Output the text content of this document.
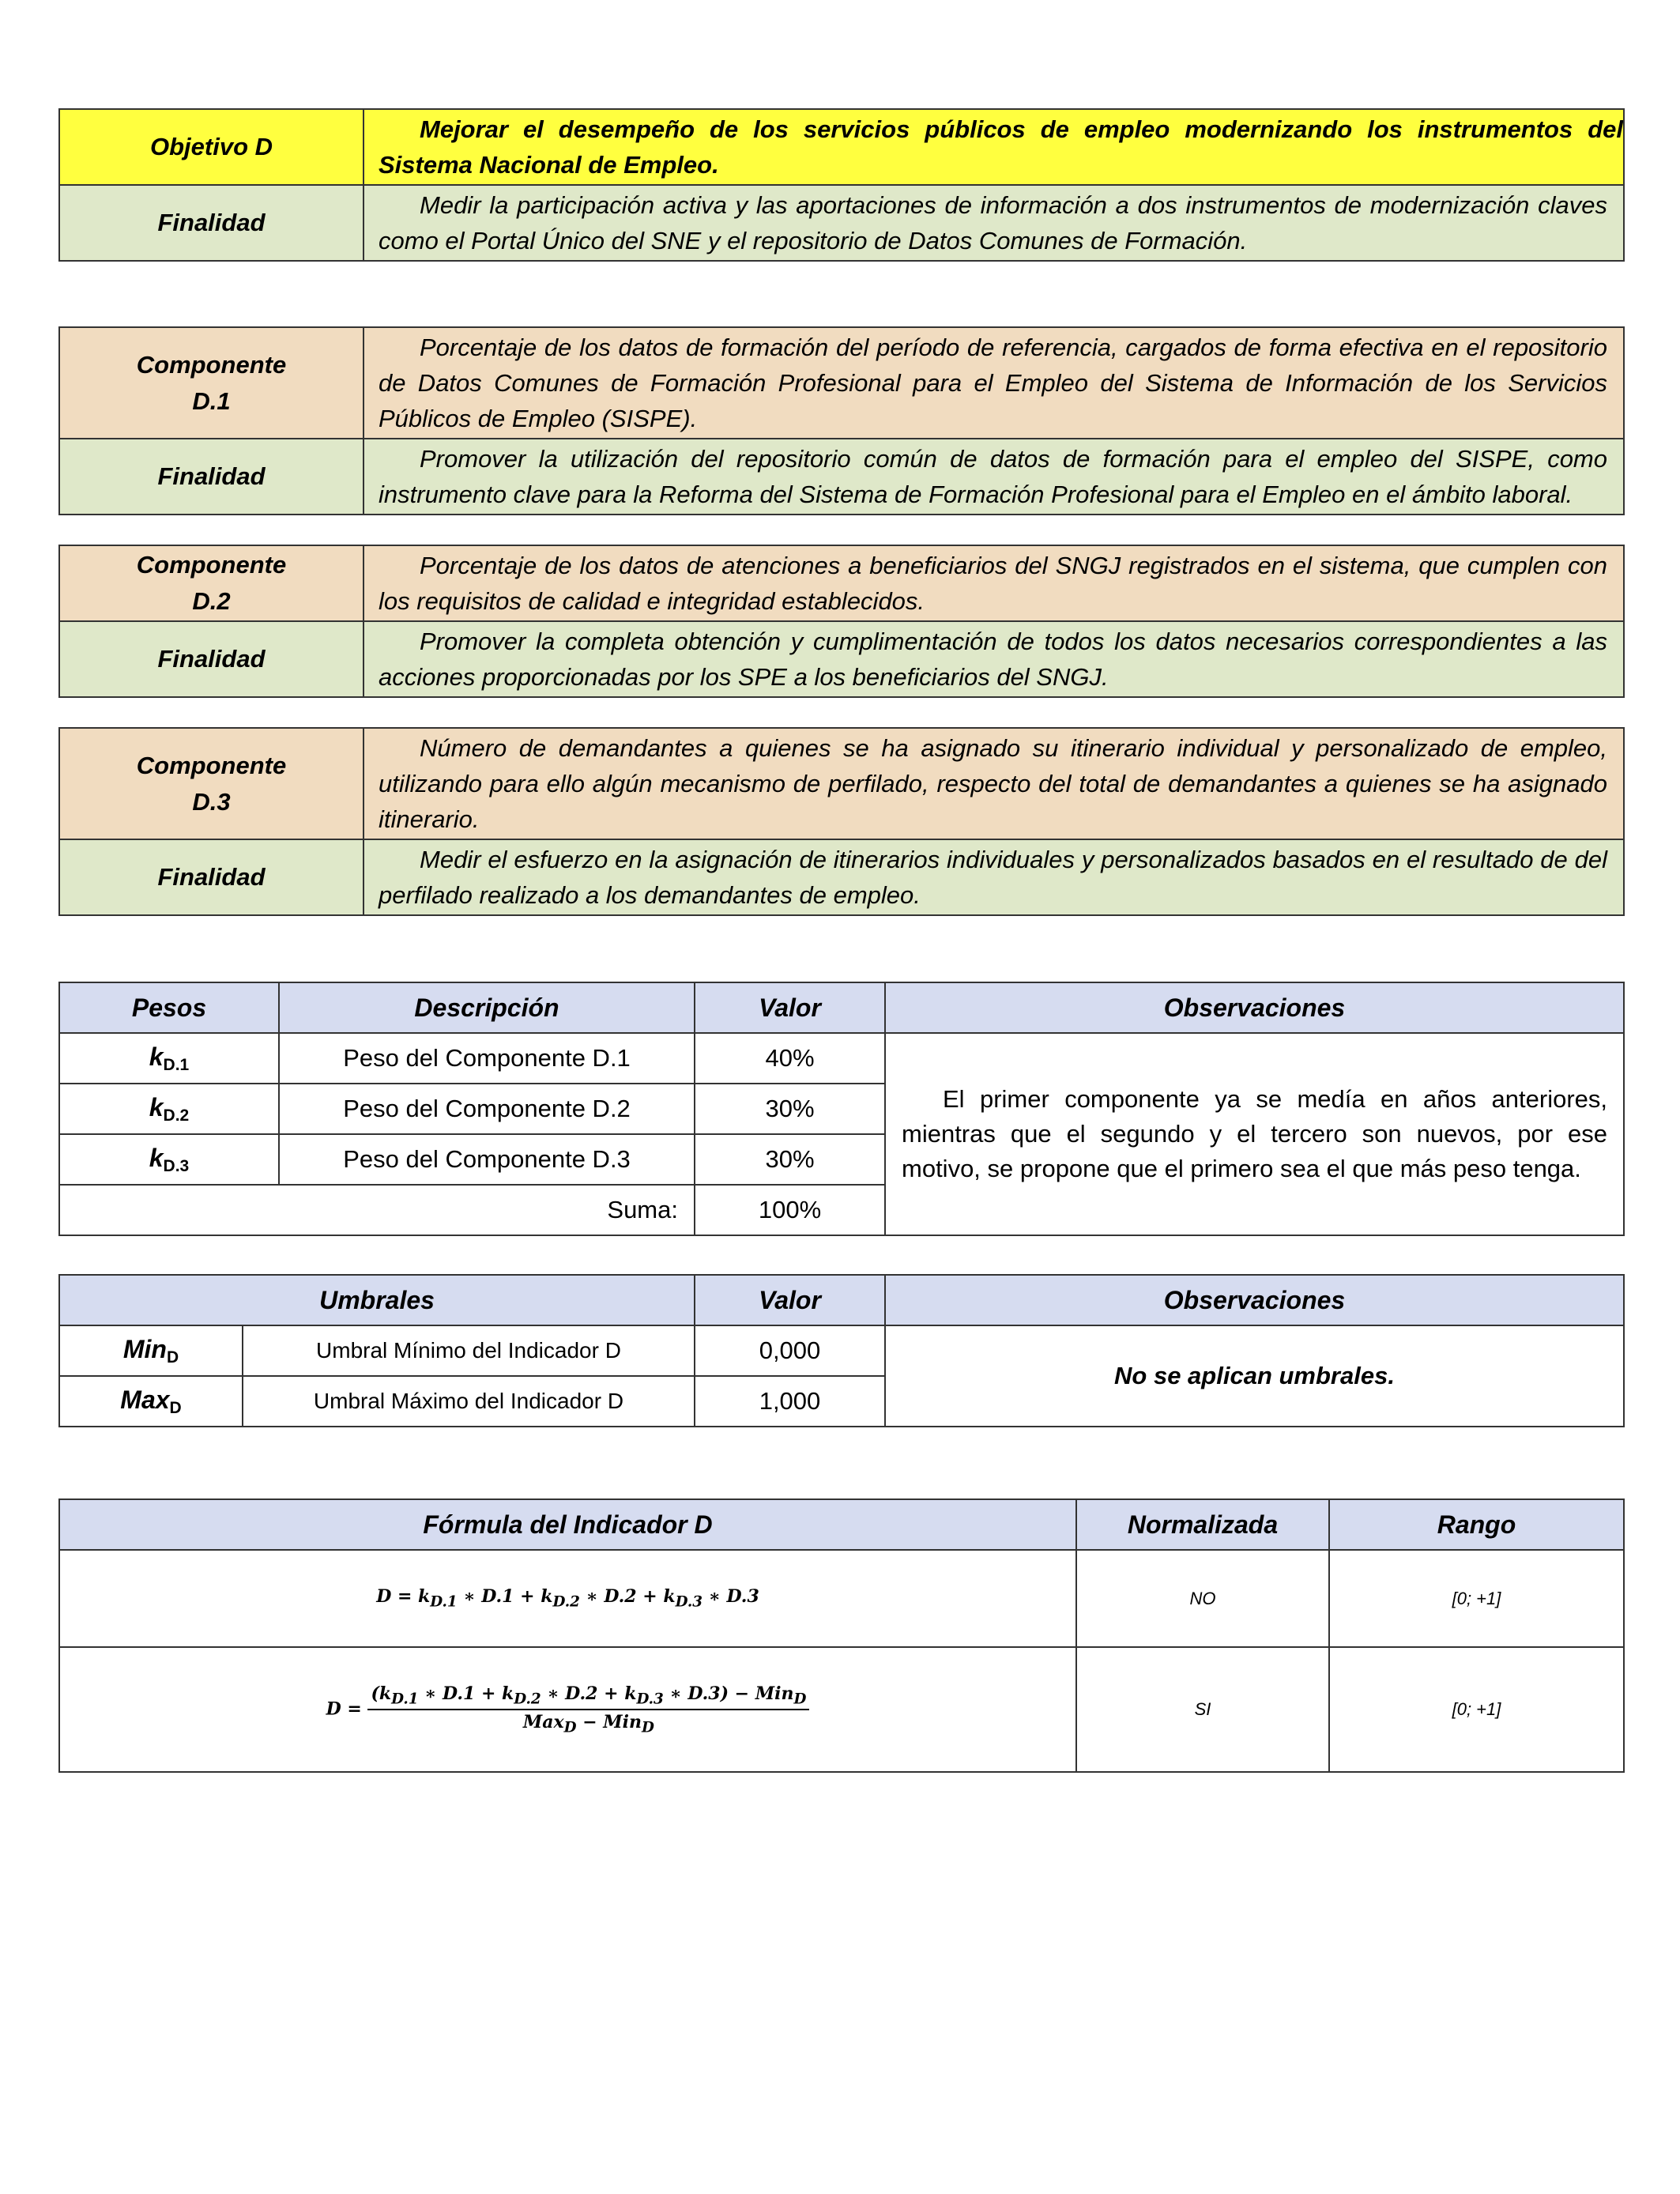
Objetivo D	Mejorar el desempeño de los servicios públicos de empleo modernizando los instrumentos del Sistema Nacional de Empleo.

Finalidad	Medir la participación activa y las aportaciones de información a dos instrumentos de modernización claves como el Portal Único del SNE y el repositorio de Datos Comunes de Formación.
Componente D.1	Porcentaje de los datos de formación del período de referencia, cargados de forma efectiva en el repositorio de Datos Comunes de Formación Profesional para el Empleo del Sistema de Información de los Servicios Públicos de Empleo (SISPE).

Finalidad	Promover la utilización del repositorio común de datos de formación para el empleo del SISPE, como instrumento clave para la Reforma del Sistema de Formación Profesional para el Empleo en el ámbito laboral.
Componente D.2	Porcentaje de los datos de atenciones a beneficiarios del SNGJ registrados en el sistema, que cumplen con los requisitos de calidad e integridad establecidos.

Finalidad	Promover la completa obtención y cumplimentación de todos los datos necesarios correspondientes a las acciones proporcionadas por los SPE a los beneficiarios del SNGJ.
Componente D.3	Número de demandantes a quienes se ha asignado su itinerario individual y personalizado de empleo, utilizando para ello algún mecanismo de perfilado, respecto del total de demandantes a quienes se ha asignado itinerario.

Finalidad	Medir el esfuerzo en la asignación de itinerarios individuales y personalizados basados en el resultado de del perfilado realizado a los demandantes de empleo.
Pesos	Descripción	Valor	Observaciones
$k_{D.1}$	Peso del Componente D.1	40%	El primer componente ya se medía en años anteriores, mientras que el segundo y el tercero son nuevos, por ese motivo, se propone que el primero sea el que más peso tenga.

$k_{D.2}$	Peso del Componente D.2	30%	
$k_{D.3}$	Peso del Componente D.3	30%	
Suma:		100%	
Umbrales		Valor	Observaciones
Min$_D$	Umbral Mínimo del Indicador D	0,000	No se aplican umbrales.
Max$_D$	Umbral Máximo del Indicador D	1,000	
Fórmula del Indicador D	Normalizada	Rango
$D = k_{D.1}$ ∗ $D.1 + k_{D.2}$ ∗ $D.2 + k_{D.3}$ ∗ D.3	NO	[0; +1]
$D = \frac{(k_{D.1} ∗ D.1 + k_{D.2} ∗ D.2 + k_{D.3} ∗ D.3) - Min_D}{Max_D - Min_D}$	SI	[0; +1]
